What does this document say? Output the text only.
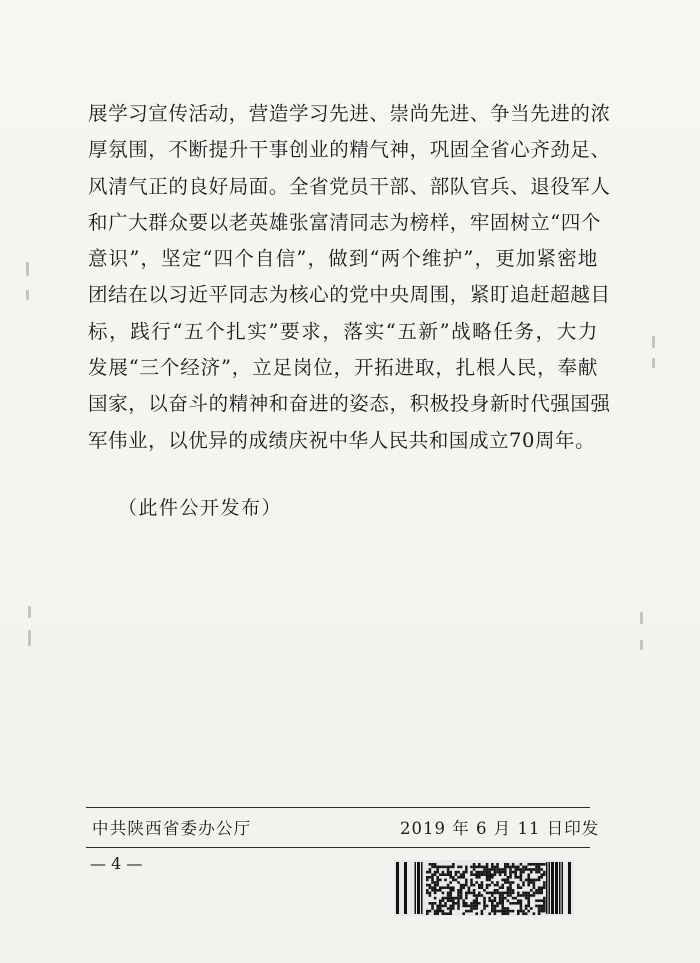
展学习宣传活动，营造学习先进、崇尚先进、争当先进的浓
厚氛围，不断提升干事创业的精气神，巩固全省心齐劲足、
风清气正的良好局面。全省党员干部、部队官兵、退役军人
和广大群众要以老英雄张富清同志为榜样，牢固树立“四个
意识”，坚定“四个自信”，做到“两个维护”，更加紧密地
团结在以习近平同志为核心的党中央周围，紧盯追赶超越目
标，践行“五个扎实”要求，落实“五新”战略任务，大力
发展“三个经济”，立足岗位，开拓进取，扎根人民，奉献
国家，以奋斗的精神和奋进的姿态，积极投身新时代强国强
军伟业，以优异的成绩庆祝中华人民共和国成立70周年。
（此件公开发布）
中共陕西省委办公厅	2019 年 6 月 11 日印发
— 4 —
